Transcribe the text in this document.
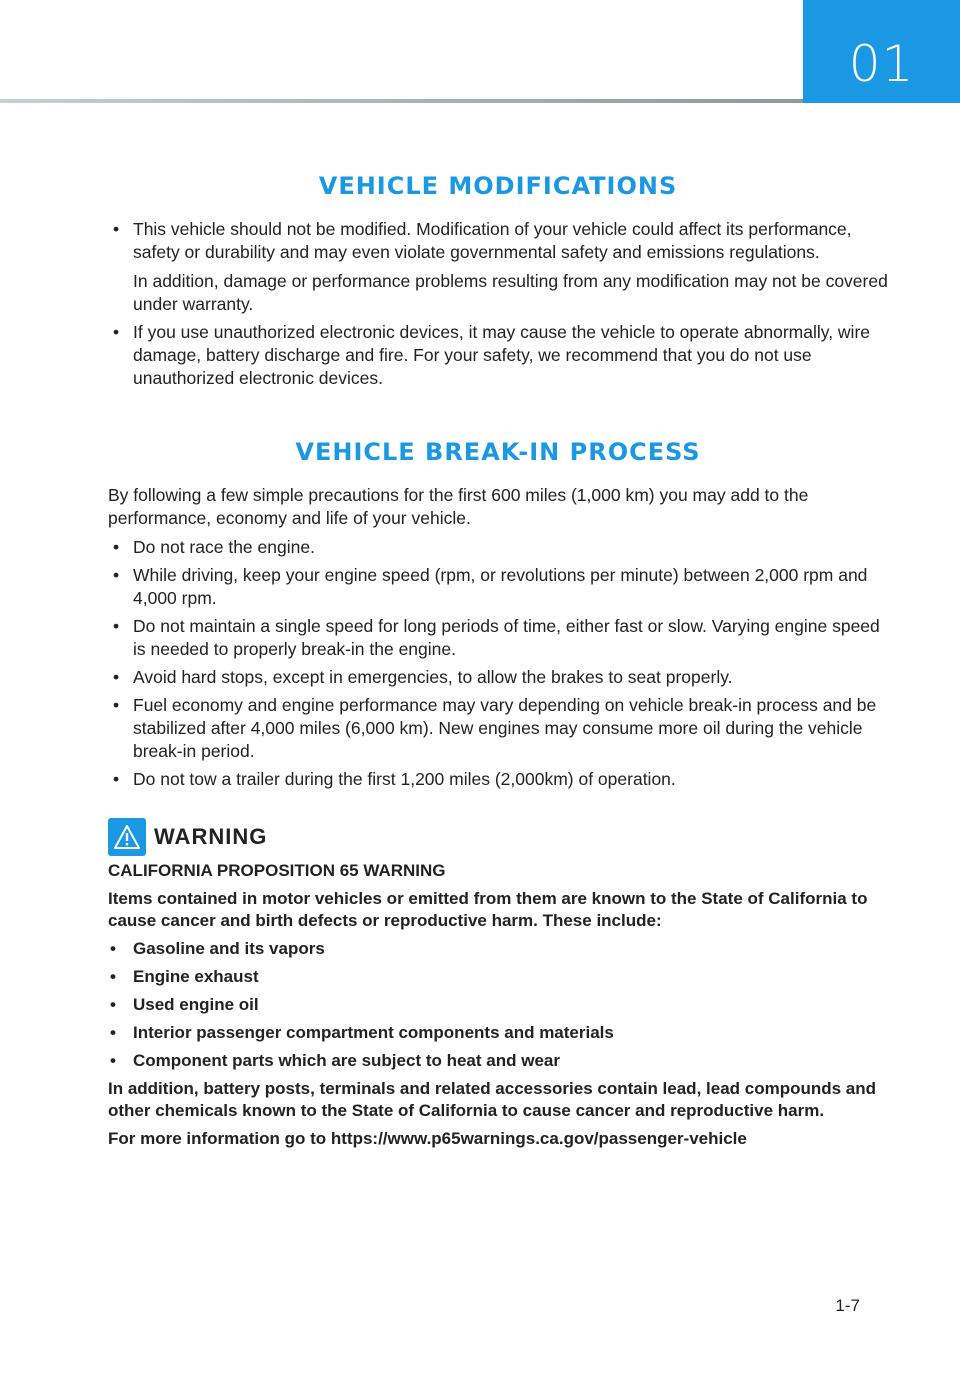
01
VEHICLE MODIFICATIONS
• This vehicle should not be modified. Modification of your vehicle could affect its performance, safety or durability and may even violate governmental safety and emissions regulations.
In addition, damage or performance problems resulting from any modification may not be covered under warranty.
• If you use unauthorized electronic devices, it may cause the vehicle to operate abnormally, wire damage, battery discharge and fire. For your safety, we recommend that you do not use unauthorized electronic devices.
VEHICLE BREAK-IN PROCESS

By following a few simple precautions for the first 600 miles (1,000 km) you may add to the performance, economy and life of your vehicle.

• Do not race the engine.
• While driving, keep your engine speed (rpm, or revolutions per minute) between 2,000 rpm and 4,000 rpm.
• Do not maintain a single speed for long periods of time, either fast or slow. Varying engine speed is needed to properly break-in the engine.
• Avoid hard stops, except in emergencies, to allow the brakes to seat properly.
• Fuel economy and engine performance may vary depending on vehicle break-in process and be stabilized after 4,000 miles (6,000 km). New engines may consume more oil during the vehicle break-in period.
• Do not tow a trailer during the first 1,200 miles (2,000km) of operation.
WARNING

CALIFORNIA PROPOSITION 65 WARNING

Items contained in motor vehicles or emitted from them are known to the State of California to cause cancer and birth defects or reproductive harm. These include:

• Gasoline and its vapors
• Engine exhaust
• Used engine oil
• Interior passenger compartment components and materials
• Component parts which are subject to heat and wear

In addition, battery posts, terminals and related accessories contain lead, lead compounds and other chemicals known to the State of California to cause cancer and reproductive harm.

For more information go to https://www.p65warnings.ca.gov/passenger-vehicle

1-7
